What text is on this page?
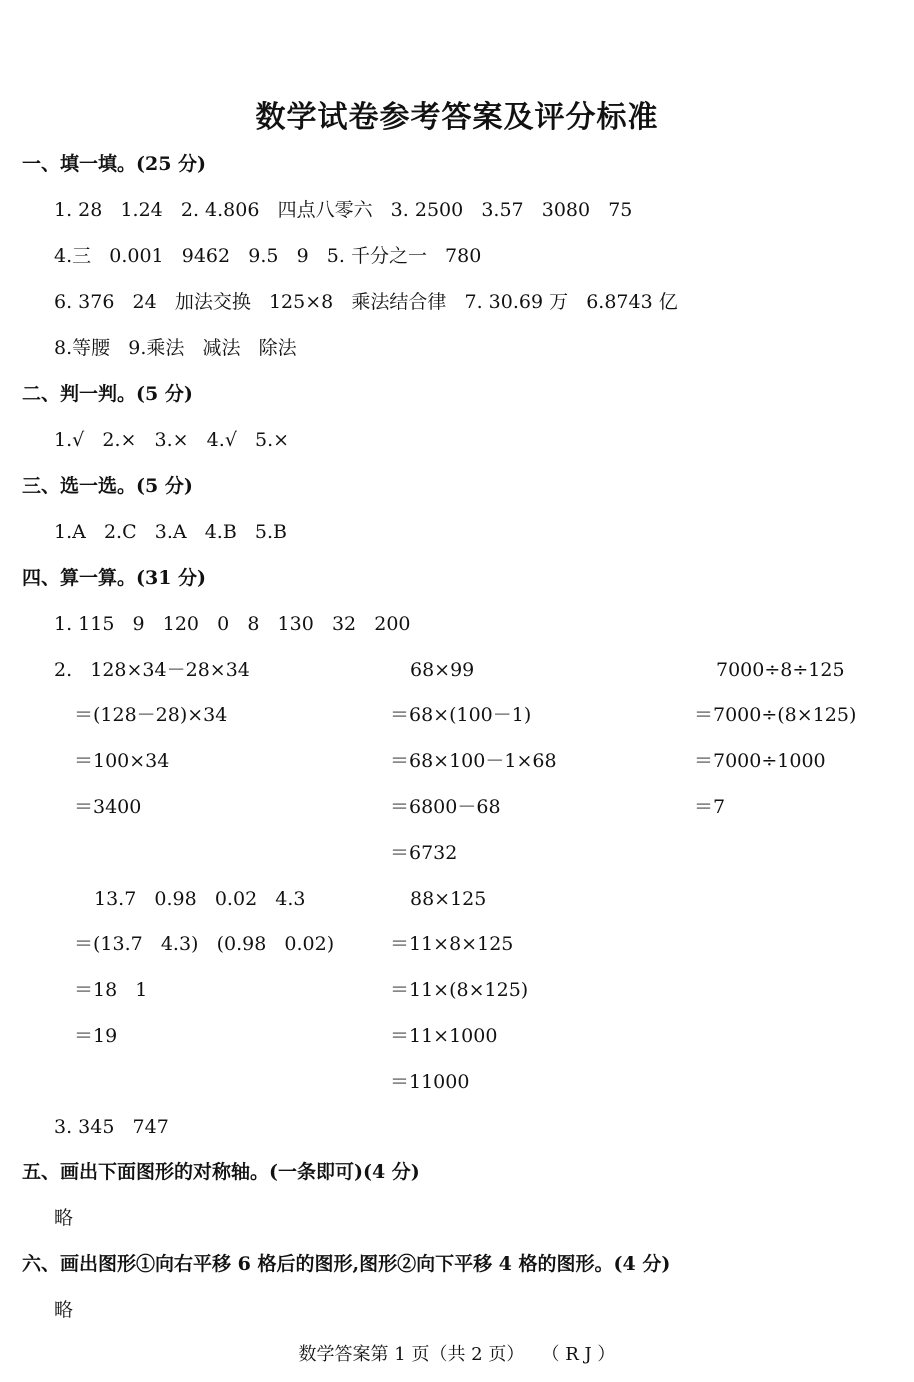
数学试卷参考答案及评分标准
一、填一填。(25 分)
1. 28   1.24   2. 4.806   四点八零六   3. 2500   3.57   3080   75
4.三   0.001   9462   9.5   9   5. 千分之一   780
6. 376   24   加法交换   125×8   乘法结合律   7. 30.69 万   6.8743 亿
8.等腰   9.乘法   减法   除法
二、判一判。(5 分)
1.√   2.×   3.×   4.√   5.×
三、选一选。(5 分)
1.A   2.C   3.A   4.B   5.B
四、算一算。(31 分)
1. 115   9   120   0   8   130   32   200
2.   128×34－28×34
＝(128－28)×34
＝100×34
＝3400
68×99
＝68×(100－1)
＝68×100－1×68
＝6800－68
＝6732
7000÷8÷125
＝7000÷(8×125)
＝7000÷1000
＝7
13.7   0.98   0.02   4.3
＝(13.7   4.3)   (0.98   0.02)
＝18   1
＝19
88×125
＝11×8×125
＝11×(8×125)
＝11×1000
＝11000
3. 345   747
五、画出下面图形的对称轴。(一条即可)(4 分)
略
六、画出图形①向右平移 6 格后的图形,图形②向下平移 4 格的图形。(4 分)
略
数学答案第 1 页（共 2 页）   （ R J ）
